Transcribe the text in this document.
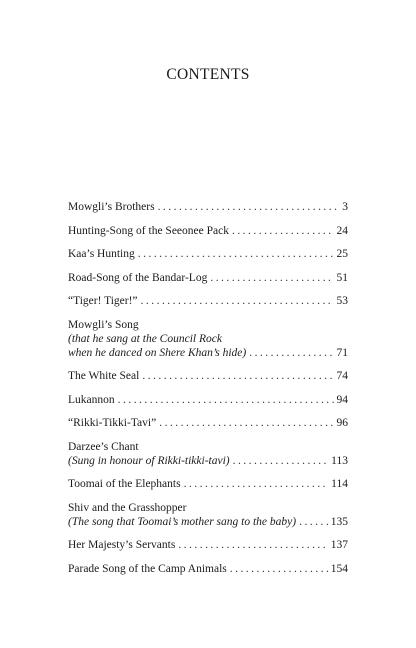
CONTENTS
Mowgli’s Brothers . . .	3
Hunting-Song of the Seeonee Pack . . .	24
Kaa’s Hunting . . .	25
Road-Song of the Bandar-Log . . .	51
“Tiger! Tiger!” . . .	53
Mowgli’s Song
(that he sang at the Council Rock
when he danced on Shere Khan’s hide) . . .	71
The White Seal . . .	74
Lukannon . . .	94
“Rikki-Tikki-Tavi” . . .	96
Darzee’s Chant
(Sung in honour of Rikki-tikki-tavi) . . .	113
Toomai of the Elephants . . .	114
Shiv and the Grasshopper
(The song that Toomai’s mother sang to the baby) . . .	135
Her Majesty’s Servants . . .	137
Parade Song of the Camp Animals . . .	154
